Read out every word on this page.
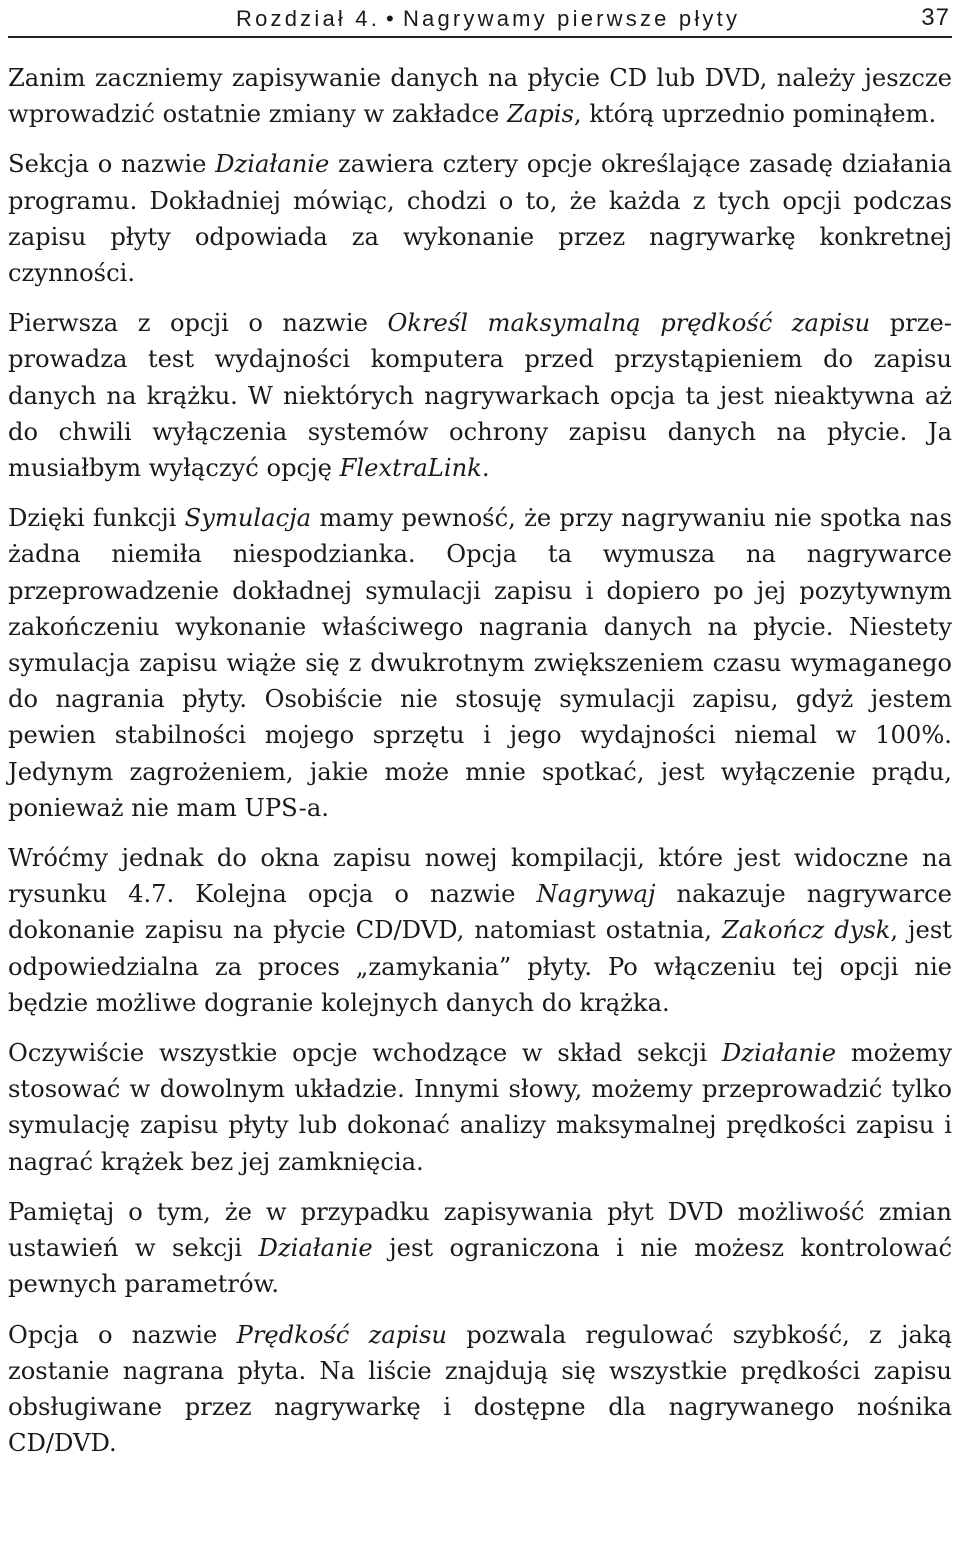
Rozdział 4. • Nagrywamy pierwsze płyty	37

Zanim zaczniemy zapisywanie danych na płycie CD lub DVD, należy jeszcze wprowadzić ostatnie zmiany w zakładce Zapis, którą uprzednio pominąłem.

Sekcja o nazwie Działanie zawiera cztery opcje określające zasadę działania programu. Dokładniej mówiąc, chodzi o to, że każda z tych opcji podczas zapisu płyty odpowiada za wykonanie przez nagrywarkę konkretnej czynności.

Pierwsza z opcji o nazwie Określ maksymalną prędkość zapisu przeprowadza test wydajności komputera przed przystąpieniem do zapisu danych na krążku. W niektórych nagrywarkach opcja ta jest nieaktywna aż do chwili wyłączenia systemów ochrony zapisu danych na płycie. Ja musiałbym wyłączyć opcję FlextraLink.

Dzięki funkcji Symulacja mamy pewność, że przy nagrywaniu nie spotka nas żadna niemiła niespodzianka. Opcja ta wymusza na nagrywarce przeprowadzenie dokładnej symulacji zapisu i dopiero po jej pozytywnym zakończeniu wykonanie właściwego nagrania danych na płycie. Niestety symulacja zapisu wiąże się z dwukrotnym zwiększeniem czasu wymaganego do nagrania płyty. Osobiście nie stosuję symulacji zapisu, gdyż jestem pewien stabilności mojego sprzętu i jego wydajności niemal w 100%. Jedynym zagrożeniem, jakie może mnie spotkać, jest wyłączenie prądu, ponieważ nie mam UPS-a.

Wróćmy jednak do okna zapisu nowej kompilacji, które jest widoczne na rysunku 4.7. Kolejna opcja o nazwie Nagrywaj nakazuje nagrywarce dokonanie zapisu na płycie CD/DVD, natomiast ostatnia, Zakończ dysk, jest odpowiedzialna za proces „zamykania” płyty. Po włączeniu tej opcji nie będzie możliwe dogranie kolejnych danych do krążka.

Oczywiście wszystkie opcje wchodzące w skład sekcji Działanie możemy stosować w dowolnym układzie. Innymi słowy, możemy przeprowadzić tylko symulację zapisu płyty lub dokonać analizy maksymalnej prędkości zapisu i nagrać krążek bez jej zamknięcia.

Pamiętaj o tym, że w przypadku zapisywania płyt DVD możliwość zmian ustawień w sekcji Działanie jest ograniczona i nie możesz kontrolować pewnych parametrów.

Opcja o nazwie Prędkość zapisu pozwala regulować szybkość, z jaką zostanie nagrana płyta. Na liście znajdują się wszystkie prędkości zapisu obsługiwane przez nagrywarkę i dostępne dla nagrywanego nośnika CD/DVD.
